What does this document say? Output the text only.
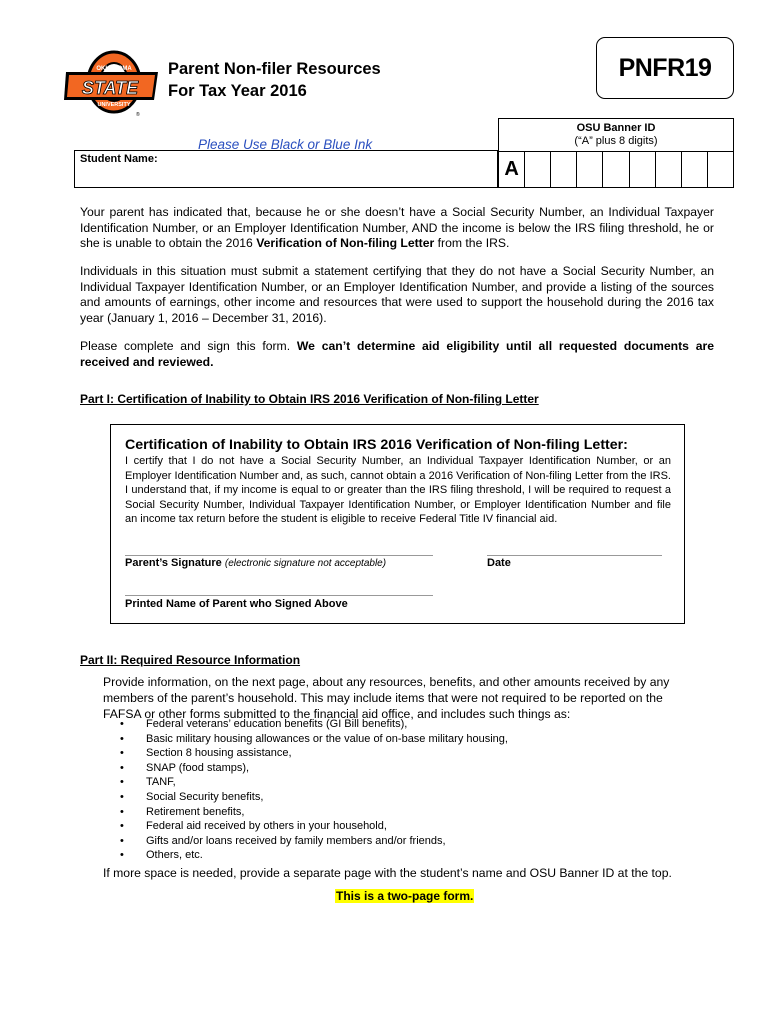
STATE
OKLAHOMA
UNIVERSITY
®
Parent Non-filer Resources
For Tax Year 2016
PNFR19
Please Use Black or Blue Ink
Student Name:
OSU Banner ID
(“A” plus 8 digits)
A
Your parent has indicated that, because he or she doesn’t have a Social Security Number, an Individual Taxpayer Identification Number, or an Employer Identification Number, AND the income is below the IRS filing threshold, he or she is unable to obtain the 2016 Verification of Non-filing Letter from the IRS.
Individuals in this situation must submit a statement certifying that they do not have a Social Security Number, an Individual Taxpayer Identification Number, or an Employer Identification Number, and provide a listing of the sources and amounts of earnings, other income and resources that were used to support the household during the 2016 tax year (January 1, 2016 – December 31, 2016).
Please complete and sign this form. We can’t determine aid eligibility until all requested documents are received and reviewed.
Part I: Certification of Inability to Obtain IRS 2016 Verification of Non-filing Letter
Certification of Inability to Obtain IRS 2016 Verification of Non-filing Letter:
I certify that I do not have a Social Security Number, an Individual Taxpayer Identification Number, or an Employer Identification Number and, as such, cannot obtain a 2016 Verification of Non-filing Letter from the IRS. I understand that, if my income is equal to or greater than the IRS filing threshold, I will be required to request a Social Security Number, Individual Taxpayer Identification Number, or Employer Identification Number and file an income tax return before the student is eligible to receive Federal Title IV financial aid.
Parent’s Signature (electronic signature not acceptable)	Date
Printed Name of Parent who Signed Above
Part II: Required Resource Information
Provide information, on the next page, about any resources, benefits, and other amounts received by any members of the parent’s household. This may include items that were not required to be reported on the FAFSA or other forms submitted to the financial aid office, and includes such things as:
• Federal veterans’ education benefits (GI Bill benefits),
• Basic military housing allowances or the value of on-base military housing,
• Section 8 housing assistance,
• SNAP (food stamps),
• TANF,
• Social Security benefits,
• Retirement benefits,
• Federal aid received by others in your household,
• Gifts and/or loans received by family members and/or friends,
• Others, etc.
If more space is needed, provide a separate page with the student’s name and OSU Banner ID at the top.
This is a two-page form.
